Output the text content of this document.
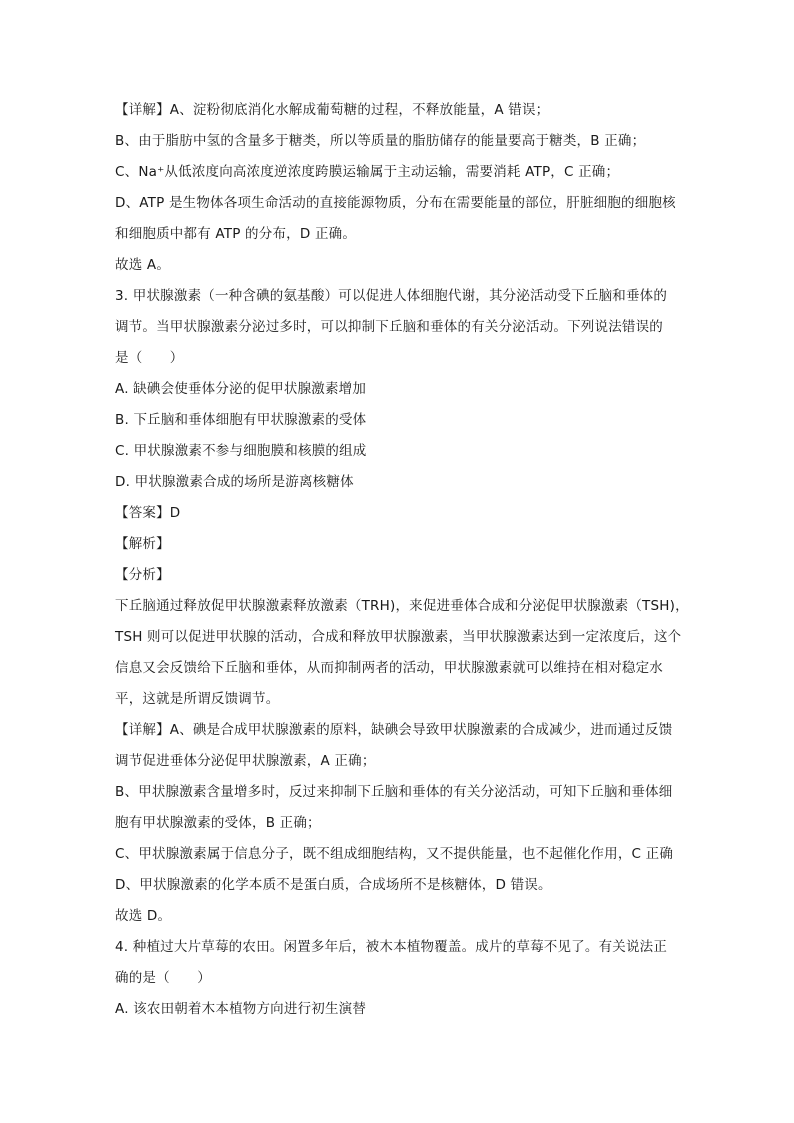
【详解】A、淀粉彻底消化水解成葡萄糖的过程，不释放能量，A 错误；
B、由于脂肪中氢的含量多于糖类，所以等质量的脂肪储存的能量要高于糖类，B 正确；
C、Na⁺从低浓度向高浓度逆浓度跨膜运输属于主动运输，需要消耗 ATP，C 正确；
D、ATP 是生物体各项生命活动的直接能源物质，分布在需要能量的部位，肝脏细胞的细胞核
和细胞质中都有 ATP 的分布，D 正确。
故选 A。
3. 甲状腺激素（一种含碘的氨基酸）可以促进人体细胞代谢，其分泌活动受下丘脑和垂体的
调节。当甲状腺激素分泌过多时，可以抑制下丘脑和垂体的有关分泌活动。下列说法错误的
是（　　）
A. 缺碘会使垂体分泌的促甲状腺激素增加
B. 下丘脑和垂体细胞有甲状腺激素的受体
C. 甲状腺激素不参与细胞膜和核膜的组成
D. 甲状腺激素合成的场所是游离核糖体
【答案】D
【解析】
【分析】
下丘脑通过释放促甲状腺激素释放激素（TRH)，来促进垂体合成和分泌促甲状腺激素（TSH)，
TSH 则可以促进甲状腺的活动，合成和释放甲状腺激素，当甲状腺激素达到一定浓度后，这个
信息又会反馈给下丘脑和垂体，从而抑制两者的活动，甲状腺激素就可以维持在相对稳定水
平，这就是所谓反馈调节。
【详解】A、碘是合成甲状腺激素的原料，缺碘会导致甲状腺激素的合成减少，进而通过反馈
调节促进垂体分泌促甲状腺激素，A 正确；
B、甲状腺激素含量增多时，反过来抑制下丘脑和垂体的有关分泌活动，可知下丘脑和垂体细
胞有甲状腺激素的受体，B 正确；
C、甲状腺激素属于信息分子，既不组成细胞结构，又不提供能量，也不起催化作用，C 正确
D、甲状腺激素的化学本质不是蛋白质，合成场所不是核糖体，D 错误。
故选 D。
4. 种植过大片草莓的农田。闲置多年后，被木本植物覆盖。成片的草莓不见了。有关说法正
确的是（　　）
A. 该农田朝着木本植物方向进行初生演替
